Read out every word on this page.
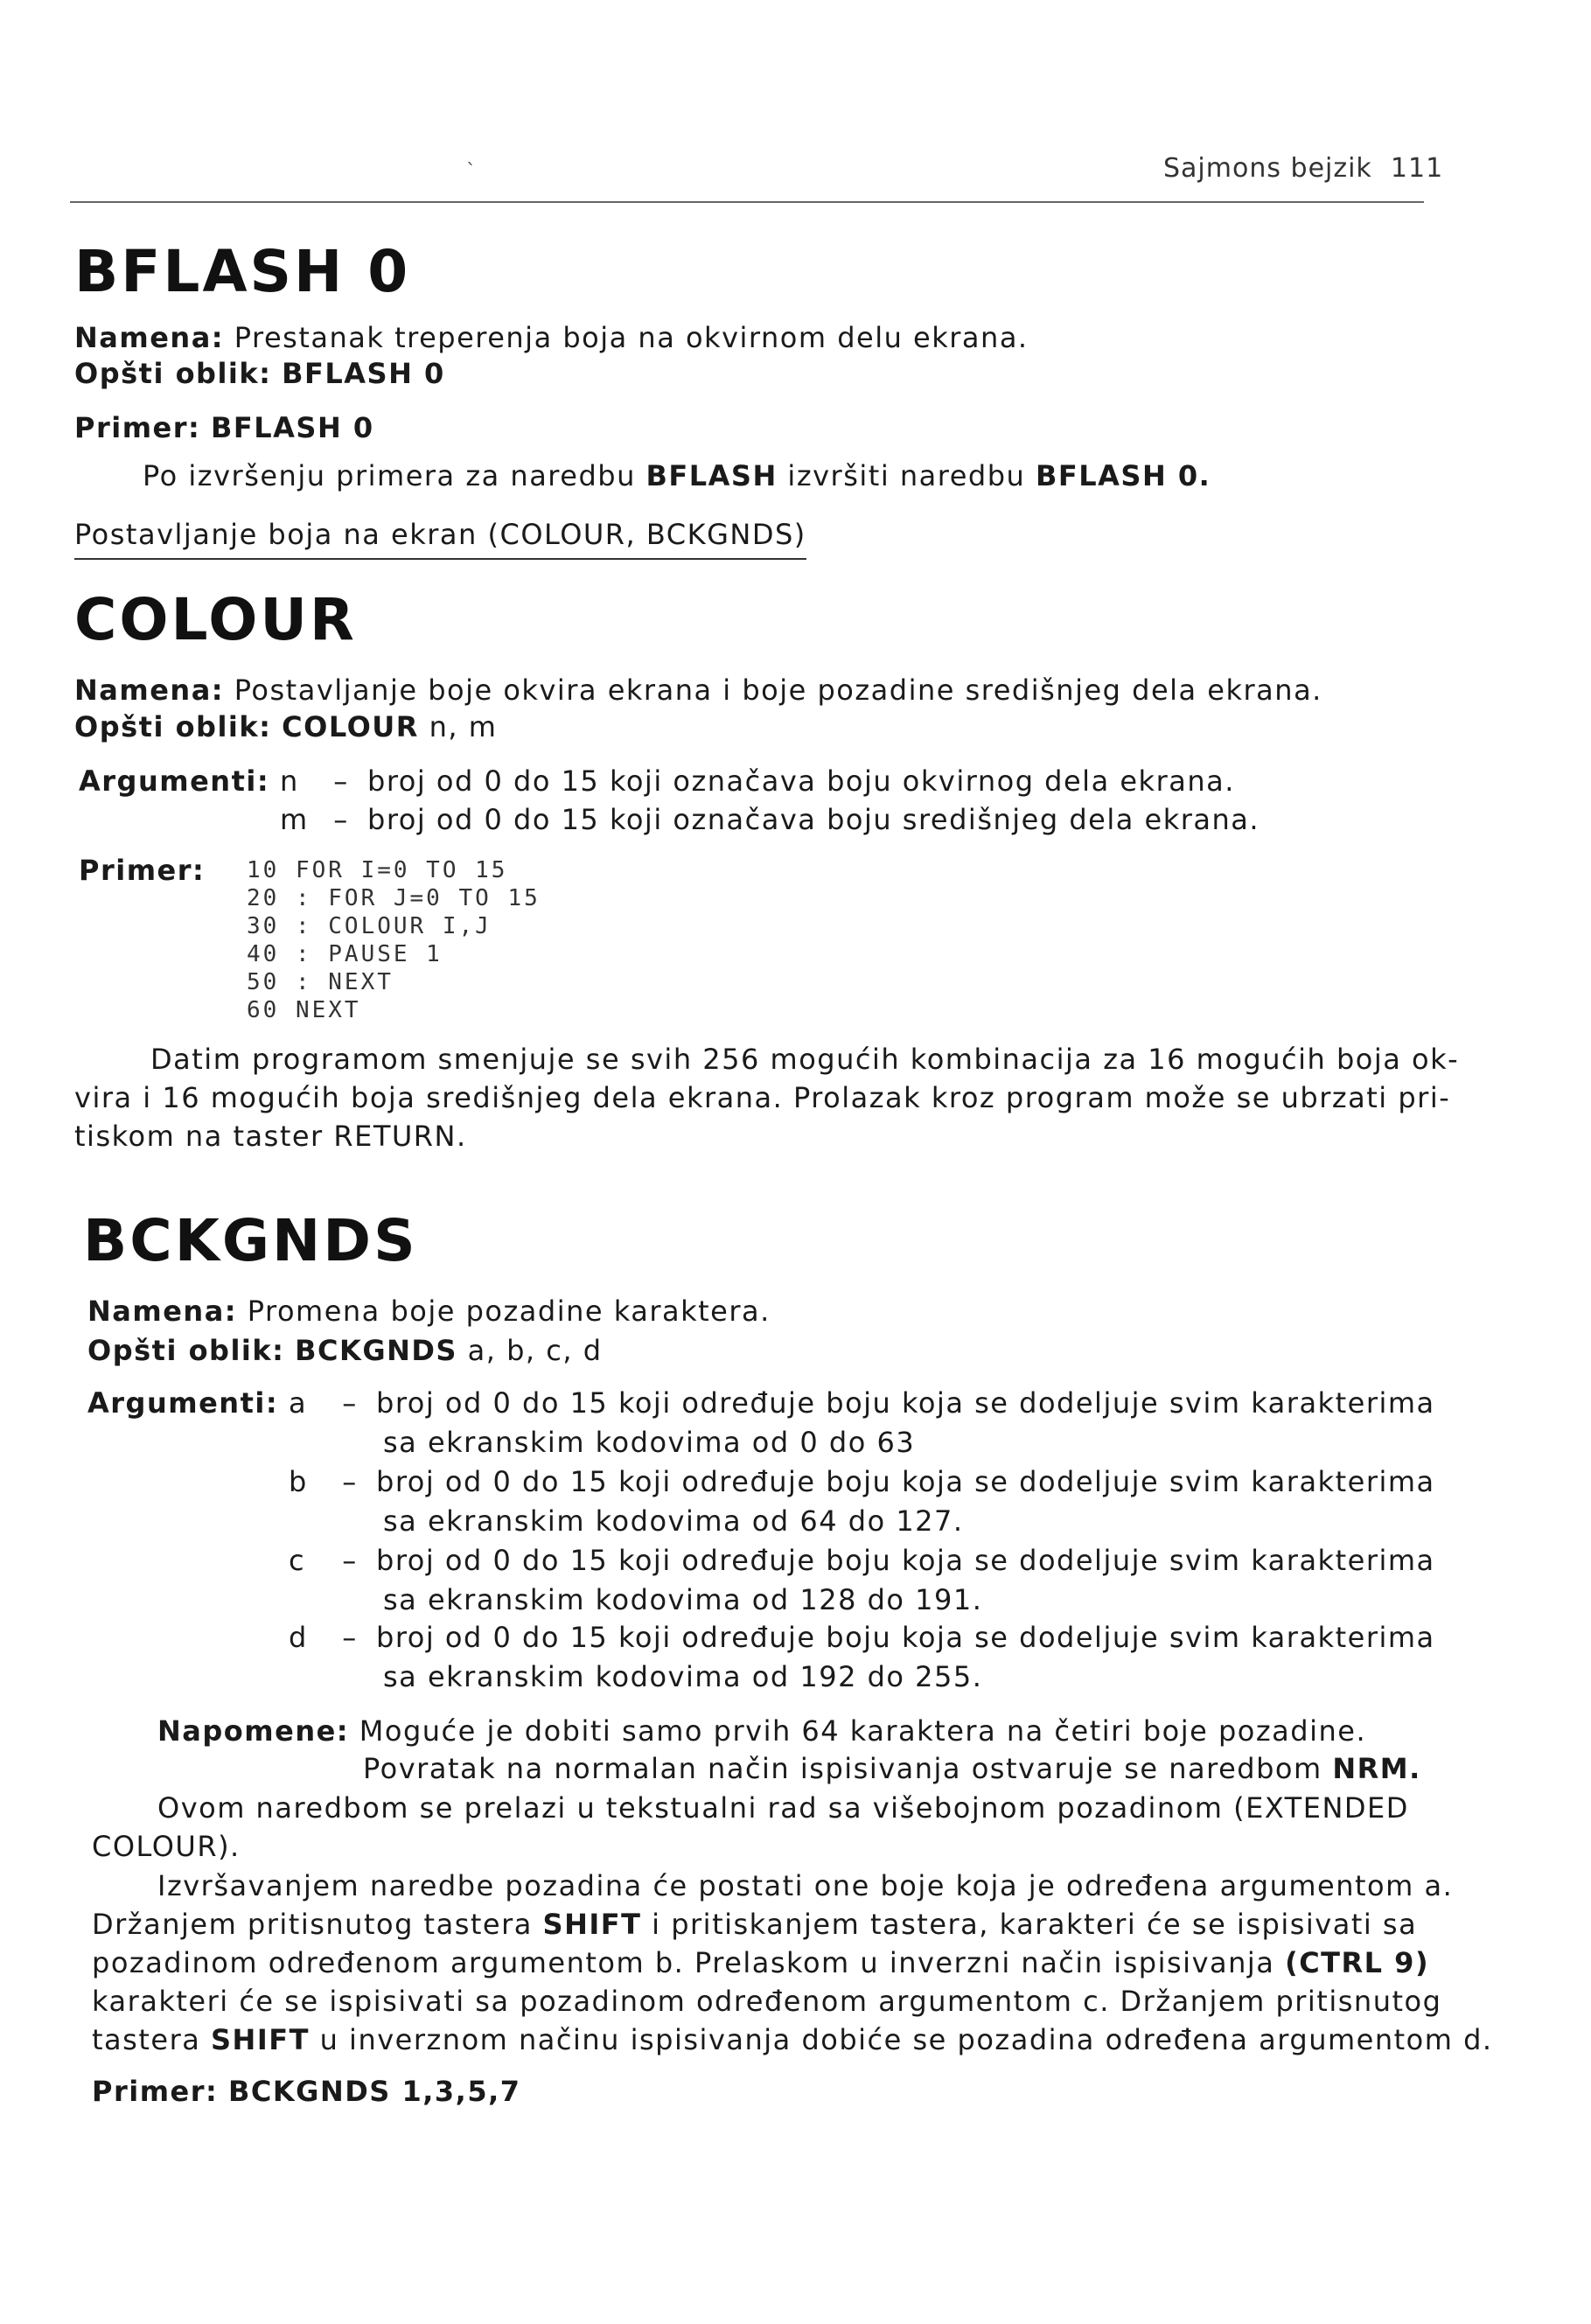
`	Sajmons bejzik 111
BFLASH 0
Namena: Prestanak treperenja boja na okvirnom delu ekrana.
Opšti oblik: BFLASH 0
Primer: BFLASH 0
Po izvršenju primera za naredbu BFLASH izvršiti naredbu BFLASH 0.
Postavljanje boja na ekran (COLOUR, BCKGNDS)
COLOUR
Namena: Postavljanje boje okvira ekrana i boje pozadine središnjeg dela ekrana.
Opšti oblik: COLOUR n, m
Argumenti: n – broj od 0 do 15 koji označava boju okvirnog dela ekrana.
m – broj od 0 do 15 koji označava boju središnjeg dela ekrana.
Primer: 10 FOR I=0 TO 15
20 : FOR J=0 TO 15
30 : COLOUR I,J
40 : PAUSE 1
50 : NEXT
60 NEXT
Datim programom smenjuje se svih 256 mogućih kombinacija za 16 mogućih boja ok-
vira i 16 mogućih boja središnjeg dela ekrana. Prolazak kroz program može se ubrzati pri-
tiskom na taster RETURN.
BCKGNDS
Namena: Promena boje pozadine karaktera.
Opšti oblik: BCKGNDS a, b, c, d
Argumenti: a – broj od 0 do 15 koji određuje boju koja se dodeljuje svim karakterima
sa ekranskim kodovima od 0 do 63
b – broj od 0 do 15 koji određuje boju koja se dodeljuje svim karakterima
sa ekranskim kodovima od 64 do 127.
c – broj od 0 do 15 koji određuje boju koja se dodeljuje svim karakterima
sa ekranskim kodovima od 128 do 191.
d – broj od 0 do 15 koji određuje boju koja se dodeljuje svim karakterima
sa ekranskim kodovima od 192 do 255.
Napomene: Moguće je dobiti samo prvih 64 karaktera na četiri boje pozadine.
Povratak na normalan način ispisivanja ostvaruje se naredbom NRM.
Ovom naredbom se prelazi u tekstualni rad sa višebojnom pozadinom (EXTENDED
COLOUR).
Izvršavanjem naredbe pozadina će postati one boje koja je određena argumentom a.
Držanjem pritisnutog tastera SHIFT i pritiskanjem tastera, karakteri će se ispisivati sa
pozadinom određenom argumentom b. Prelaskom u inverzni način ispisivanja (CTRL 9)
karakteri će se ispisivati sa pozadinom određenom argumentom c. Držanjem pritisnutog
tastera SHIFT u inverznom načinu ispisivanja dobiće se pozadina određena argumentom d.
Primer: BCKGNDS 1,3,5,7
